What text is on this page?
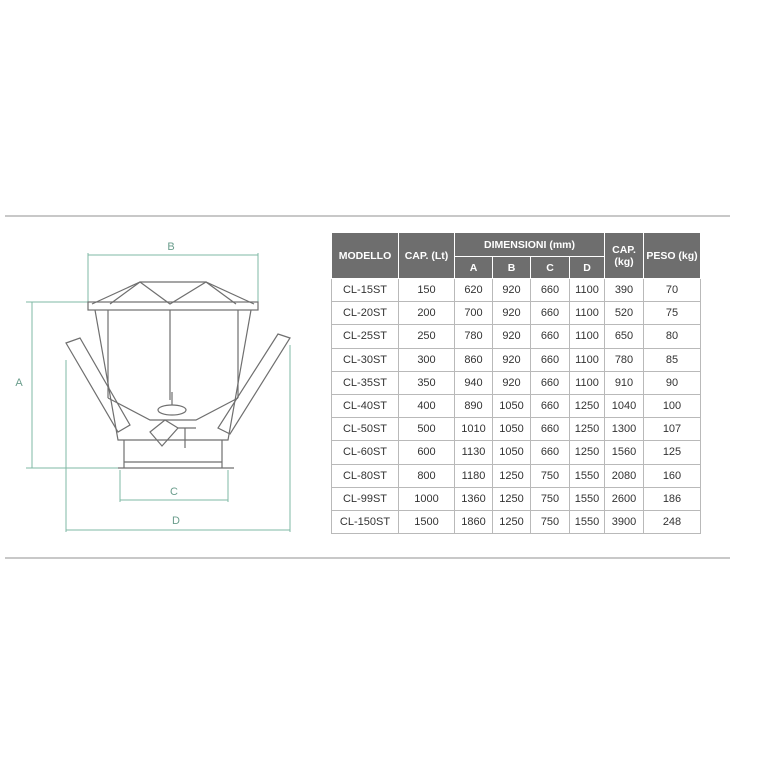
B
A
C
D
MODELLO	CAP. (Lt)	DIMENSIONI (mm)				CAP. (kg)	PESO (kg)
		A	B	C	D		
CL-15ST	150	620	920	660	1100	390	70
CL-20ST	200	700	920	660	1100	520	75
CL-25ST	250	780	920	660	1100	650	80
CL-30ST	300	860	920	660	1100	780	85
CL-35ST	350	940	920	660	1100	910	90
CL-40ST	400	890	1050	660	1250	1040	100
CL-50ST	500	1010	1050	660	1250	1300	107
CL-60ST	600	1130	1050	660	1250	1560	125
CL-80ST	800	1180	1250	750	1550	2080	160
CL-99ST	1000	1360	1250	750	1550	2600	186
CL-150ST	1500	1860	1250	750	1550	3900	248
